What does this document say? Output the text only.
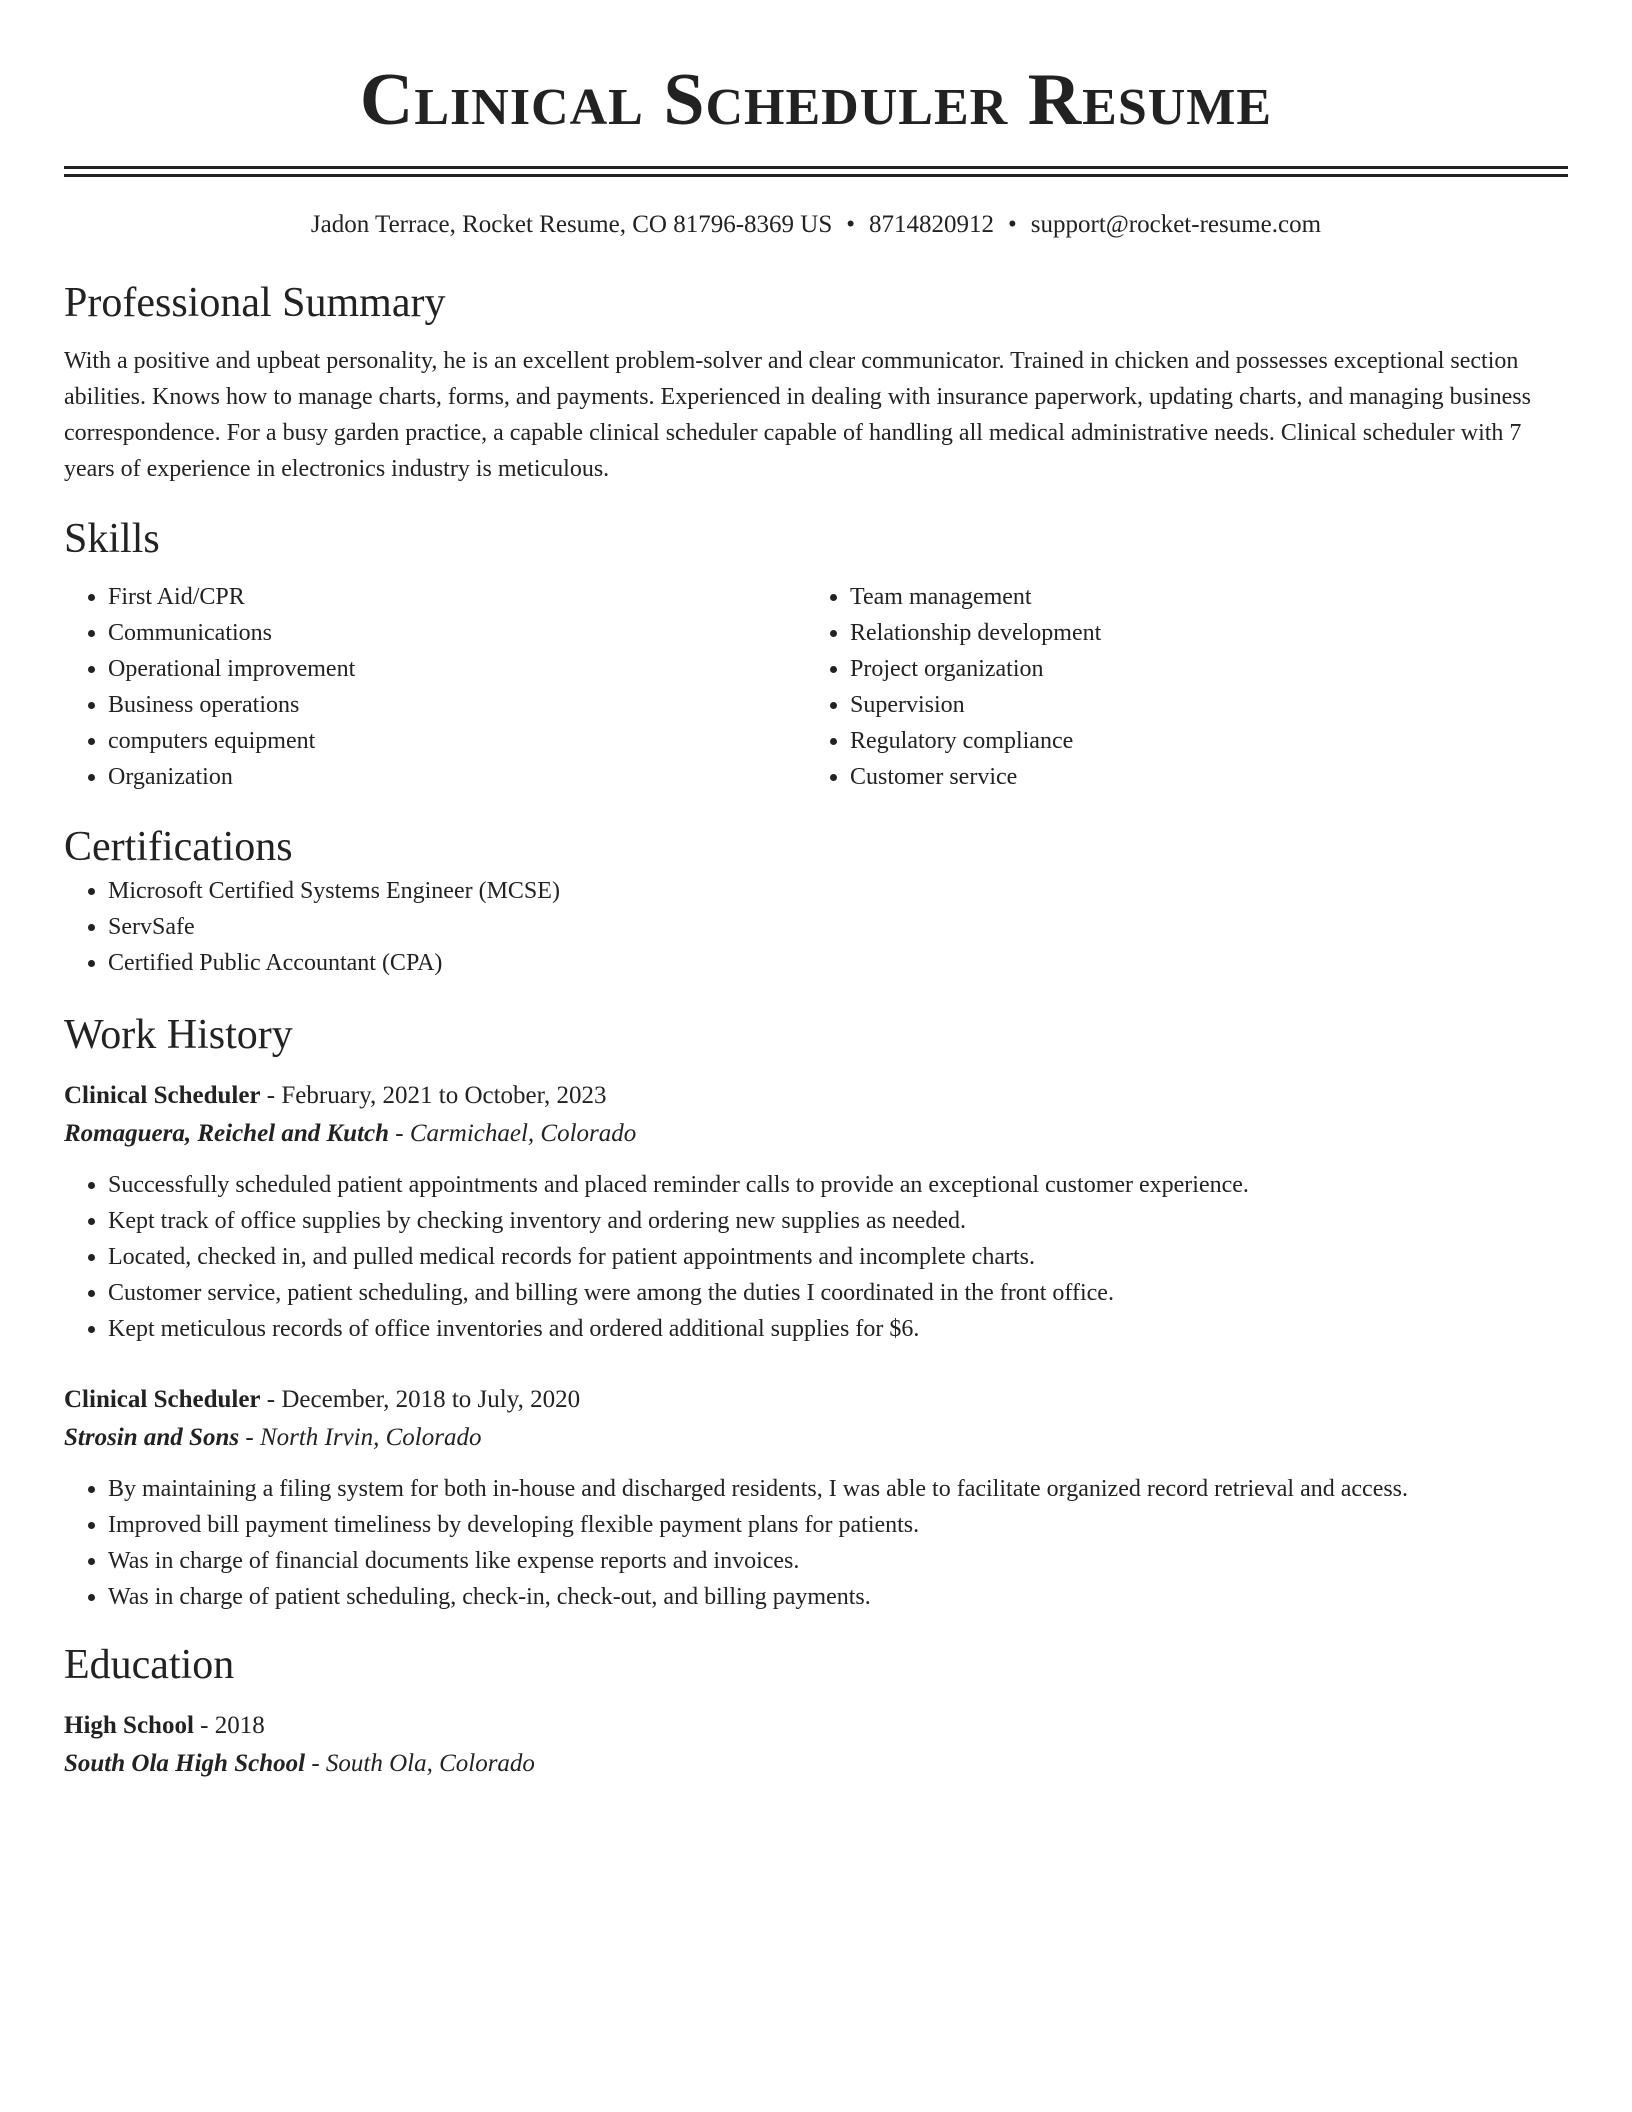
Clinical Scheduler Resume
Jadon Terrace, Rocket Resume, CO 81796-8369 US • 8714820912 • support@rocket-resume.com
Professional Summary

With a positive and upbeat personality, he is an excellent problem-solver and clear communicator. Trained in chicken and possesses exceptional section abilities. Knows how to manage charts, forms, and payments. Experienced in dealing with insurance paperwork, updating charts, and managing business correspondence. For a busy garden practice, a capable clinical scheduler capable of handling all medical administrative needs. Clinical scheduler with 7 years of experience in electronics industry is meticulous.

Skills
• First Aid/CPR
• Communications
• Operational improvement
• Business operations
• computers equipment
• Organization
• Team management
• Relationship development
• Project organization
• Supervision
• Regulatory compliance
• Customer service
Certifications
• Microsoft Certified Systems Engineer (MCSE)
• ServSafe
• Certified Public Accountant (CPA)
Work History
Clinical Scheduler - February, 2021 to October, 2023
Romaguera, Reichel and Kutch - Carmichael, Colorado
• Successfully scheduled patient appointments and placed reminder calls to provide an exceptional customer experience.
• Kept track of office supplies by checking inventory and ordering new supplies as needed.
• Located, checked in, and pulled medical records for patient appointments and incomplete charts.
• Customer service, patient scheduling, and billing were among the duties I coordinated in the front office.
• Kept meticulous records of office inventories and ordered additional supplies for $6.
Clinical Scheduler - December, 2018 to July, 2020
Strosin and Sons - North Irvin, Colorado
• By maintaining a filing system for both in-house and discharged residents, I was able to facilitate organized record retrieval and access.
• Improved bill payment timeliness by developing flexible payment plans for patients.
• Was in charge of financial documents like expense reports and invoices.
• Was in charge of patient scheduling, check-in, check-out, and billing payments.
Education
High School - 2018
South Ola High School - South Ola, Colorado
